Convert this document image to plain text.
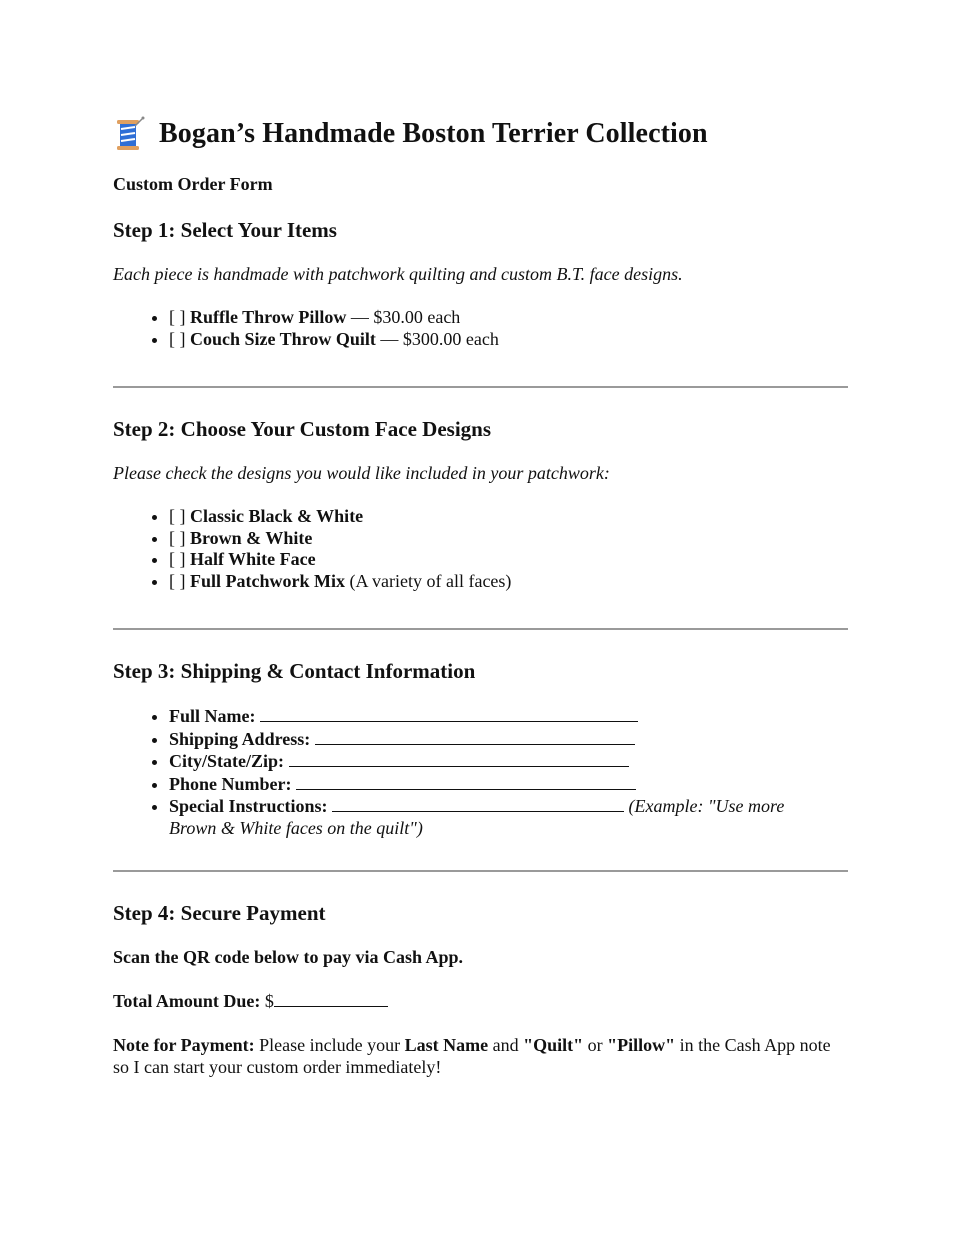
Bogan’s Handmade Boston Terrier Collection

Custom Order Form

Step 1: Select Your Items

Each piece is handmade with patchwork quilting and custom B.T. face designs.

• [ ] Ruffle Throw Pillow — $30.00 each
• [ ] Couch Size Throw Quilt — $300.00 each
Step 2: Choose Your Custom Face Designs

Please check the designs you would like included in your patchwork:

• [ ] Classic Black & White
• [ ] Brown & White
• [ ] Half White Face
• [ ] Full Patchwork Mix (A variety of all faces)
Step 3: Shipping & Contact Information
• Full Name:
• Shipping Address:
• City/State/Zip:
• Phone Number:
• Special Instructions:	(Example: "Use more
Brown & White faces on the quilt")
Step 4: Secure Payment

Scan the QR code below to pay via Cash App.

Total Amount Due: $

Note for Payment: Please include your Last Name and "Quilt" or "Pillow" in the Cash App note so I can start your custom order immediately!
